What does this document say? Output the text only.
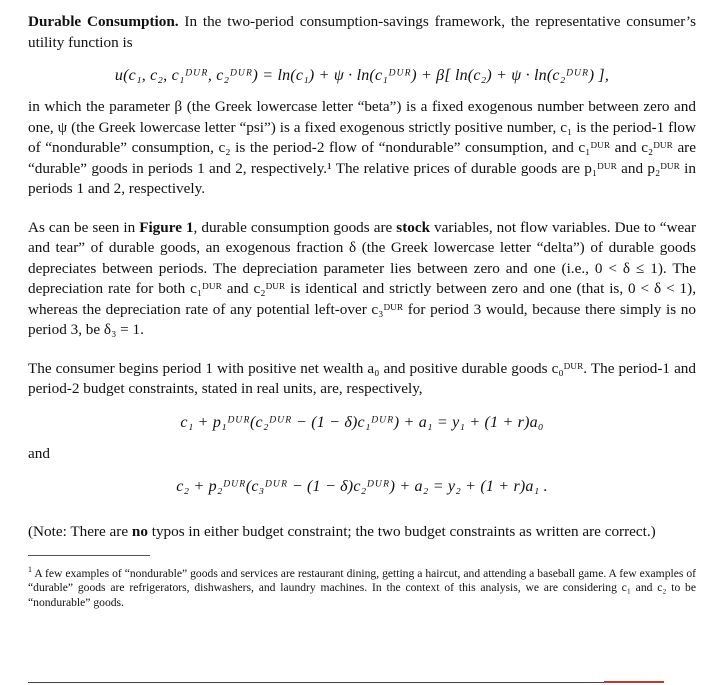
Durable Consumption. In the two-period consumption-savings framework, the representative consumer’s utility function is

u(c₁, c₂, c₁ᴰᵁᴿ, c₂ᴰᵁᴿ) = ln(c₁) + ψ · ln(c₁ᴰᵁᴿ) + β[ ln(c₂) + ψ · ln(c₂ᴰᵁᴿ) ],

in which the parameter β (the Greek lowercase letter “beta”) is a fixed exogenous number between zero and one, ψ (the Greek lowercase letter “psi”) is a fixed exogenous strictly positive number, c₁ is the period-1 flow of “nondurable” consumption, c₂ is the period-2 flow of “nondurable” consumption, and c₁ᴰᵁᴿ and c₂ᴰᵁᴿ are “durable” goods in periods 1 and 2, respectively.¹ The relative prices of durable goods are p₁ᴰᵁᴿ and p₂ᴰᵁᴿ in periods 1 and 2, respectively.

As can be seen in Figure 1, durable consumption goods are stock variables, not flow variables. Due to “wear and tear” of durable goods, an exogenous fraction δ (the Greek lowercase letter “delta”) of durable goods depreciates between periods. The depreciation parameter lies between zero and one (i.e., 0 < δ ≤ 1). The depreciation rate for both c₁ᴰᵁᴿ and c₂ᴰᵁᴿ is identical and strictly between zero and one (that is, 0 < δ < 1), whereas the depreciation rate of any potential left-over c₃ᴰᵁᴿ for period 3 would, because there simply is no period 3, be δ₃ = 1.

The consumer begins period 1 with positive net wealth a₀ and positive durable goods c₀ᴰᵁᴿ. The period-1 and period-2 budget constraints, stated in real units, are, respectively,

c₁ + p₁ᴰᵁᴿ(c₂ᴰᵁᴿ − (1 − δ)c₁ᴰᵁᴿ) + a₁ = y₁ + (1 + r)a₀

and

c₂ + p₂ᴰᵁᴿ(c₃ᴰᵁᴿ − (1 − δ)c₂ᴰᵁᴿ) + a₂ = y₂ + (1 + r)a₁ .

(Note: There are no typos in either budget constraint; the two budget constraints as written are correct.)

$^1$ A few examples of “nondurable” goods and services are restaurant dining, getting a haircut, and attending a baseball game. A few examples of “durable” goods are refrigerators, dishwashers, and laundry machines. In the context of this analysis, we are considering c₁ and c₂ to be “nondurable” goods.
